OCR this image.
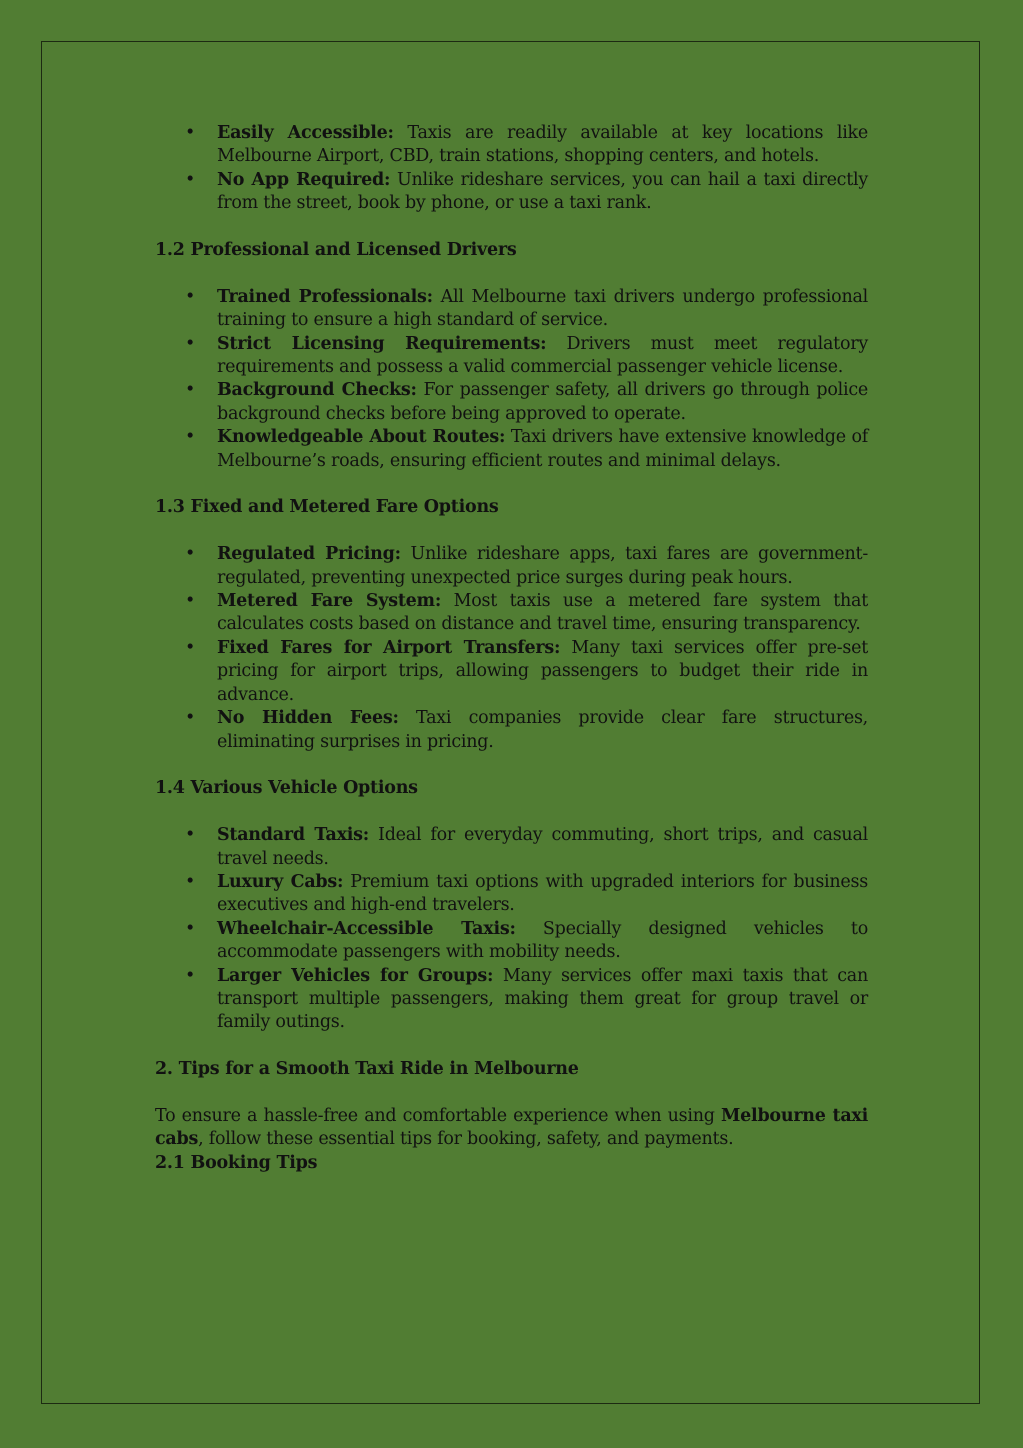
• Easily Accessible: Taxis are readily available at key locations like Melbourne Airport, CBD, train stations, shopping centers, and hotels.
• No App Required: Unlike rideshare services, you can hail a taxi directly from the street, book by phone, or use a taxi rank.

1.2 Professional and Licensed Drivers

• Trained Professionals: All Melbourne taxi drivers undergo professional training to ensure a high standard of service.
• Strict Licensing Requirements: Drivers must meet regulatory requirements and possess a valid commercial passenger vehicle license.
• Background Checks: For passenger safety, all drivers go through police background checks before being approved to operate.
• Knowledgeable About Routes: Taxi drivers have extensive knowledge of Melbourne’s roads, ensuring efficient routes and minimal delays.

1.3 Fixed and Metered Fare Options

• Regulated Pricing: Unlike rideshare apps, taxi fares are government-regulated, preventing unexpected price surges during peak hours.
• Metered Fare System: Most taxis use a metered fare system that calculates costs based on distance and travel time, ensuring transparency.
• Fixed Fares for Airport Transfers: Many taxi services offer pre-set pricing for airport trips, allowing passengers to budget their ride in advance.
• No Hidden Fees: Taxi companies provide clear fare structures, eliminating surprises in pricing.

1.4 Various Vehicle Options

• Standard Taxis: Ideal for everyday commuting, short trips, and casual travel needs.
• Luxury Cabs: Premium taxi options with upgraded interiors for business executives and high-end travelers.
• Wheelchair-Accessible Taxis: Specially designed vehicles to accommodate passengers with mobility needs.
• Larger Vehicles for Groups: Many services offer maxi taxis that can transport multiple passengers, making them great for group travel or family outings.

2. Tips for a Smooth Taxi Ride in Melbourne

To ensure a hassle-free and comfortable experience when using Melbourne taxi cabs, follow these essential tips for booking, safety, and payments.

2.1 Booking Tips
